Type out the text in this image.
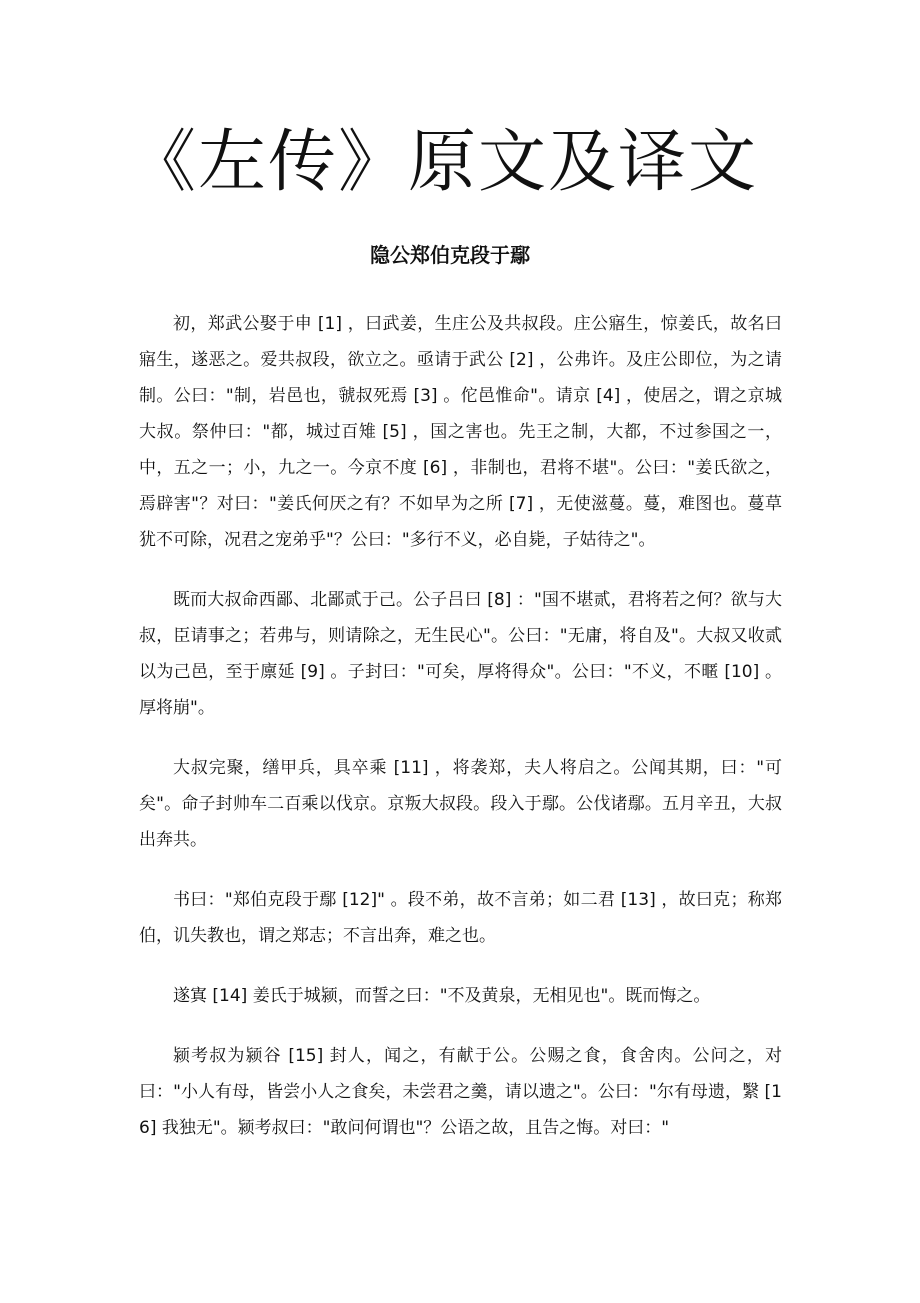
《左传》原文及译文
隐公郑伯克段于鄢

初，郑武公娶于申 [1] ，曰武姜，生庄公及共叔段。庄公寤生，惊姜氏，故名曰寤生，遂恶之。爱共叔段，欲立之。亟请于武公 [2] ，公弗许。及庄公即位，为之请制。公曰："制，岩邑也，虢叔死焉 [3] 。佗邑惟命"。请京 [4] ，使居之，谓之京城大叔。祭仲曰："都，城过百雉 [5] ，国之害也。先王之制，大都，不过参国之一，中，五之一；小，九之一。今京不度 [6] ，非制也，君将不堪"。公曰："姜氏欲之，焉辟害"？对曰："姜氏何厌之有？不如早为之所 [7] ，无使滋蔓。蔓，难图也。蔓草犹不可除，况君之宠弟乎"？公曰："多行不义，必自毙，子姑待之"。

既而大叔命西鄙、北鄙贰于己。公子吕曰 [8] ："国不堪贰，君将若之何？欲与大叔，臣请事之；若弗与，则请除之，无生民心"。公曰："无庸，将自及"。大叔又收贰以为己邑，至于廪延 [9] 。子封曰："可矣，厚将得众"。公曰："不义，不暱 [10] 。厚将崩"。

大叔完聚，缮甲兵，具卒乘 [11] ，将袭郑，夫人将启之。公闻其期，曰："可矣"。命子封帅车二百乘以伐京。京叛大叔段。段入于鄢。公伐诸鄢。五月辛丑，大叔出奔共。

书曰："郑伯克段于鄢 [12]" 。段不弟，故不言弟；如二君 [13] ，故曰克；称郑伯，讥失教也，谓之郑志；不言出奔，难之也。

遂寘 [14] 姜氏于城颍，而誓之曰："不及黄泉，无相见也"。既而悔之。

颍考叔为颍谷 [15] 封人，闻之，有献于公。公赐之食，食舍肉。公问之，对曰："小人有母，皆尝小人之食矣，未尝君之羹，请以遗之"。公曰："尔有母遗，繄 [16] 我独无"。颍考叔曰："敢问何谓也"？公语之故，且告之悔。对曰："
